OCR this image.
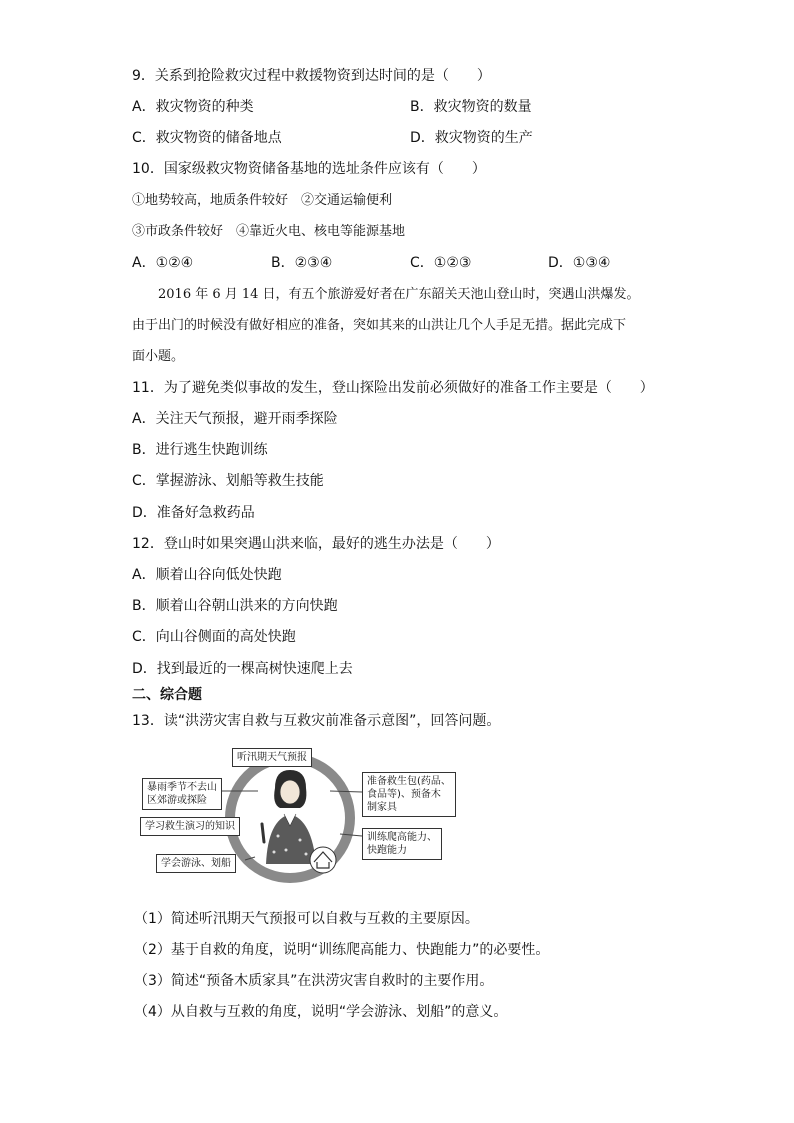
9．关系到抢险救灾过程中救援物资到达时间的是（　　）
A．救灾物资的种类	B．救灾物资的数量
C．救灾物资的储备地点	D．救灾物资的生产
10．国家级救灾物资储备基地的选址条件应该有（　　）
①地势较高，地质条件较好　②交通运输便利
③市政条件较好　④靠近火电、核电等能源基地
A．①②④	B．②③④	C．①②③	D．①③④
2016 年 6 月 14 日，有五个旅游爱好者在广东韶关天池山登山时，突遇山洪爆发。
由于出门的时候没有做好相应的准备，突如其来的山洪让几个人手足无措。据此完成下
面小题。
11．为了避免类似事故的发生，登山探险出发前必须做好的准备工作主要是（　　）
A．关注天气预报，避开雨季探险
B．进行逃生快跑训练
C．掌握游泳、划船等救生技能
D．准备好急救药品
12．登山时如果突遇山洪来临，最好的逃生办法是（　　）
A．顺着山谷向低处快跑
B．顺着山谷朝山洪来的方向快跑
C．向山谷侧面的高处快跑
D．找到最近的一棵高树快速爬上去
二、综合题
13．读“洪涝灾害自救与互救灾前准备示意图”，回答问题。
听汛期天气预报
暴雨季节不去山
区郊游或探险
学习救生演习的知识
学会游泳、划船
准备救生包(药品、
食品等)、预备木
制家具
训练爬高能力、
快跑能力
（1）简述听汛期天气预报可以自救与互救的主要原因。
（2）基于自救的角度，说明“训练爬高能力、快跑能力”的必要性。
（3）简述“预备木质家具”在洪涝灾害自救时的主要作用。
（4）从自救与互救的角度，说明“学会游泳、划船”的意义。
